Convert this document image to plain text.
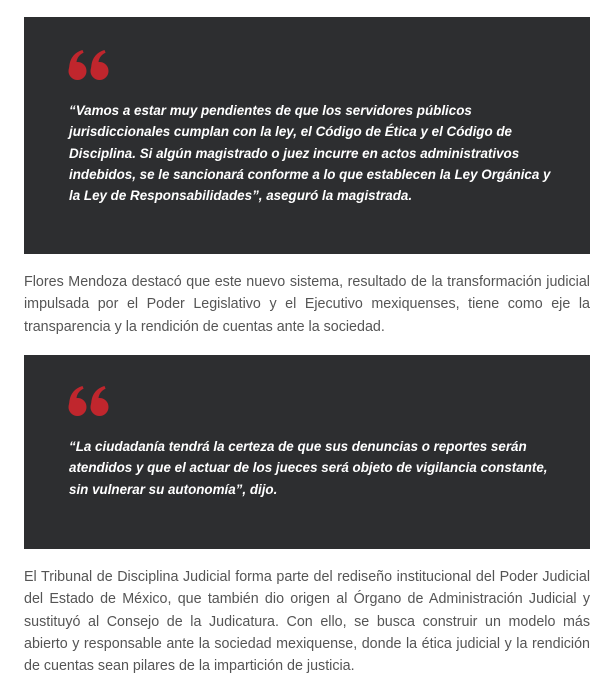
“Vamos a estar muy pendientes de que los servidores públicos jurisdiccionales cumplan con la ley, el Código de Ética y el Código de Disciplina. Si algún magistrado o juez incurre en actos administrativos indebidos, se le sancionará conforme a lo que establecen la Ley Orgánica y la Ley de Responsabilidades”, aseguró la magistrada.

Flores Mendoza destacó que este nuevo sistema, resultado de la transformación judicial impulsada por el Poder Legislativo y el Ejecutivo mexiquenses, tiene como eje la transparencia y la rendición de cuentas ante la sociedad.

“La ciudadanía tendrá la certeza de que sus denuncias o reportes serán atendidos y que el actuar de los jueces será objeto de vigilancia constante, sin vulnerar su autonomía”, dijo.

El Tribunal de Disciplina Judicial forma parte del rediseño institucional del Poder Judicial del Estado de México, que también dio origen al Órgano de Administración Judicial y sustituyó al Consejo de la Judicatura. Con ello, se busca construir un modelo más abierto y responsable ante la sociedad mexiquense, donde la ética judicial y la rendición de cuentas sean pilares de la impartición de justicia.
